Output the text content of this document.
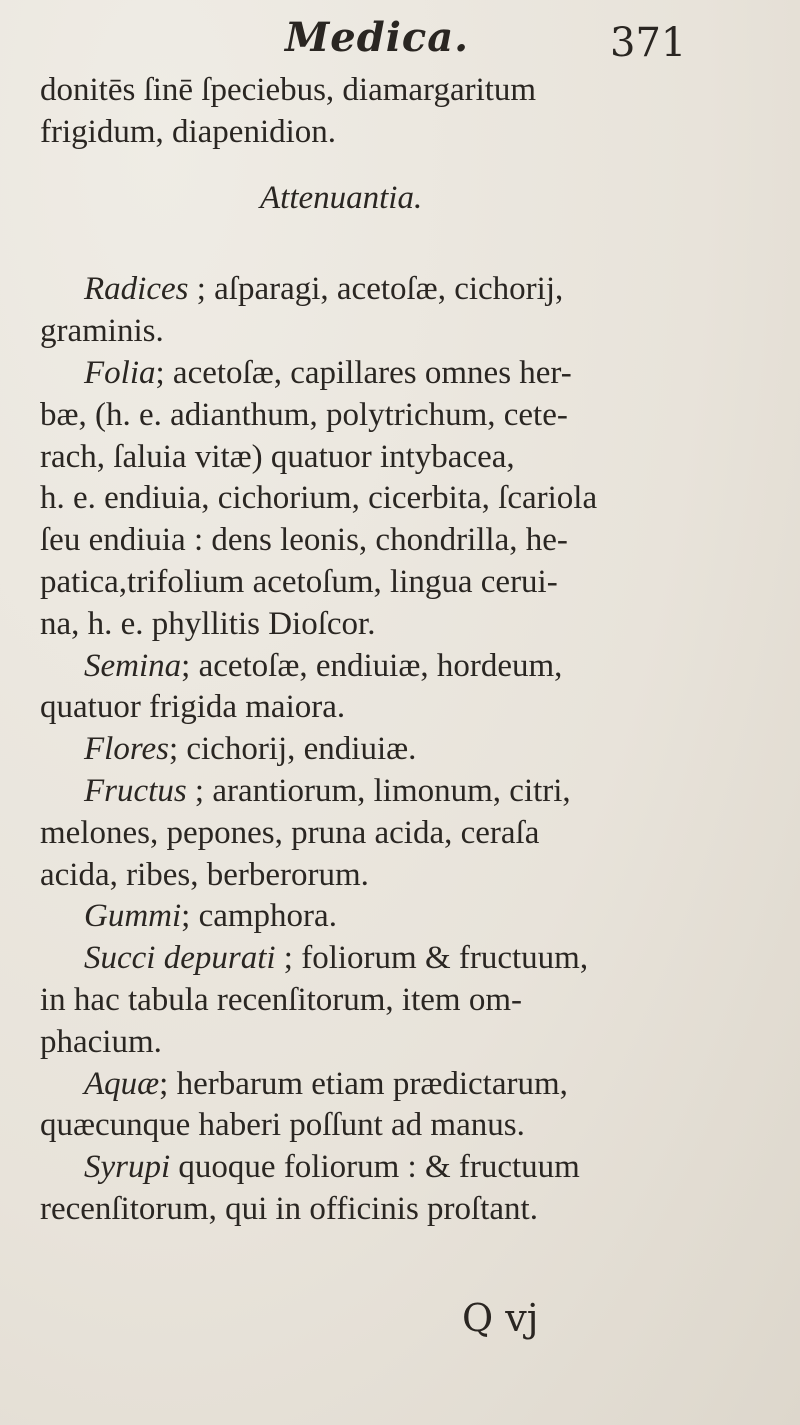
Medica.	371
donitēs ſinē ſpeciebus, diamargaritum
frigidum, diapenidion.
Attenuantia.
Radices ; aſparagi, acetoſæ, cichorij,
graminis.
Folia; acetoſæ, capillares omnes her-
bæ, (h. e. adianthum, polytrichum, cete-
rach, ſaluia vitæ) quatuor intybacea,
h. e. endiuia, cichorium, cicerbita, ſcariola
ſeu endiuia : dens leonis, chondrilla, he-
patica,trifolium acetoſum, lingua cerui-
na, h. e. phyllitis Dioſcor.
Semina; acetoſæ, endiuiæ, hordeum,
quatuor frigida maiora.
Flores; cichorij, endiuiæ.
Fructus ; arantiorum, limonum, citri,
melones, pepones, pruna acida, ceraſa
acida, ribes, berberorum.
Gummi; camphora.
Succi depurati ; foliorum & fructuum,
in hac tabula recenſitorum, item om-
phacium.
Aquæ; herbarum etiam prædictarum,
quæcunque haberi poſſunt ad manus.
Syrupi quoque foliorum : & fructuum
recenſitorum, qui in officinis proſtant.
Q vj
